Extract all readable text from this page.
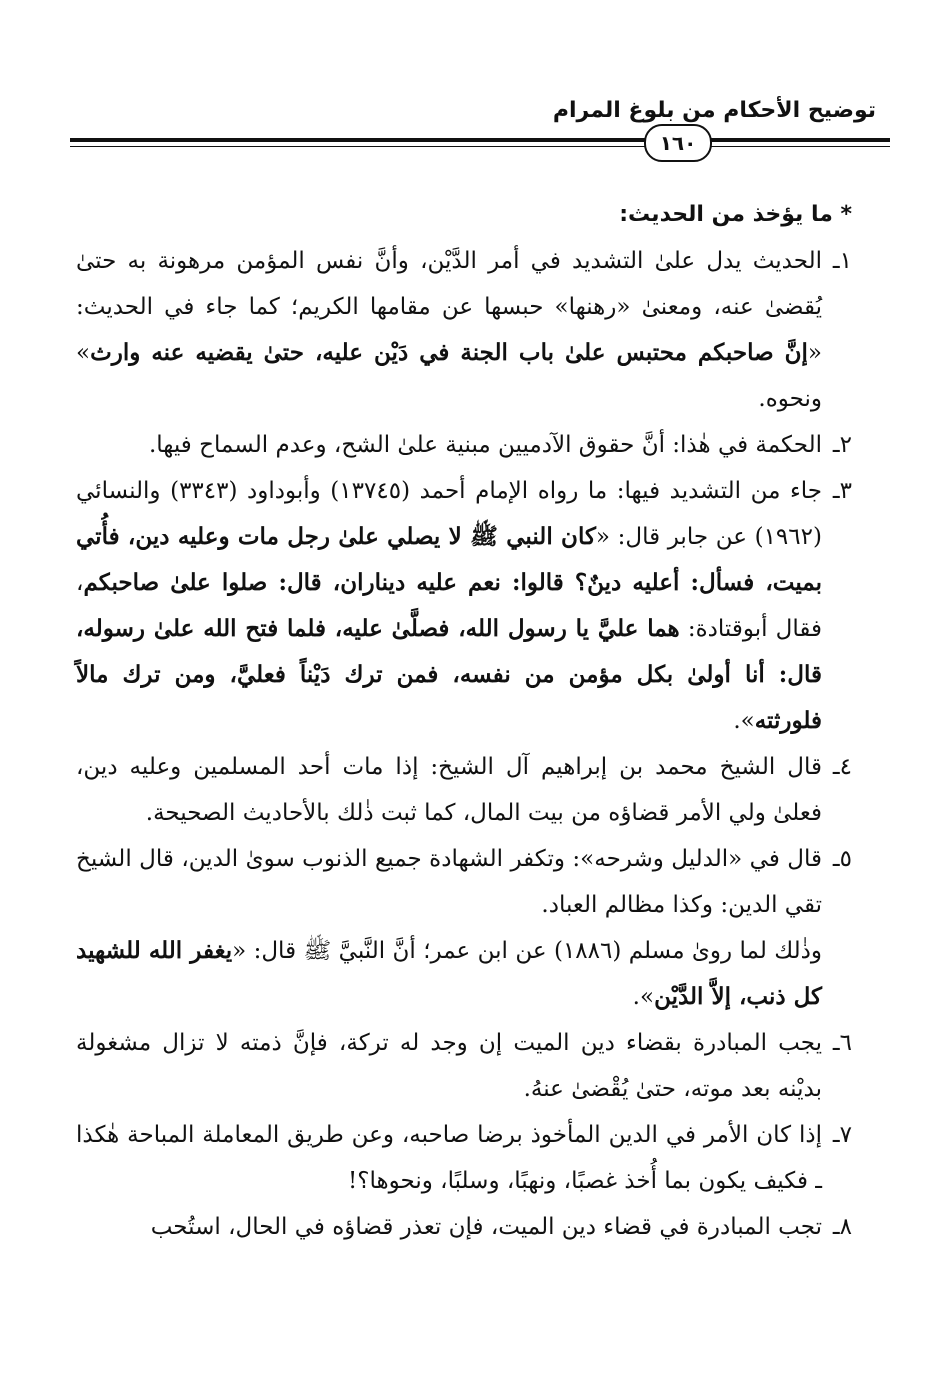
توضيح الأحكام من بلوغ المرام
١٦٠
* ما يؤخذ من الحديث:
١ـ
الحديث يدل علىٰ التشديد في أمر الدَّيْن، وأنَّ نفس المؤمن مرهونة به حتىٰ يُقضىٰ عنه، ومعنىٰ «رهنها» حبسها عن مقامها الكريم؛ كما جاء في الحديث: «إنَّ صاحبكم محتبس علىٰ باب الجنة في دَيْن عليه، حتىٰ يقضيه عنه وارث» ونحوه.
٢ـ
الحكمة في هٰذا: أنَّ حقوق الآدميين مبنية علىٰ الشح، وعدم السماح فيها.
٣ـ
جاء من التشديد فيها: ما رواه الإمام أحمد (١٣٧٤٥) وأبوداود (٣٣٤٣) والنسائي (١٩٦٢) عن جابر قال: «كان النبي ﷺ لا يصلي علىٰ رجل مات وعليه دين، فأُتي بميت، فسأل: أعليه دينٌ؟ قالوا: نعم عليه ديناران، قال: صلوا علىٰ صاحبكم، فقال أبوقتادة: هما عليَّ يا رسول الله، فصلَّىٰ عليه، فلما فتح الله علىٰ رسوله، قال: أنا أولىٰ بكل مؤمن من نفسه، فمن ترك دَيْناً فعليَّ، ومن ترك مالاً فلورثته».
٤ـ
قال الشيخ محمد بن إبراهيم آل الشيخ: إذا مات أحد المسلمين وعليه دين، فعلىٰ ولي الأمر قضاؤه من بيت المال، كما ثبت ذٰلك بالأحاديث الصحيحة.
٥ـ
قال في «الدليل وشرحه»: وتكفر الشهادة جميع الذنوب سوىٰ الدين، قال الشيخ تقي الدين: وكذا مظالم العباد.
وذٰلك لما روىٰ مسلم (١٨٨٦) عن ابن عمر؛ أنَّ النَّبيَّ ﷺ قال: «يغفر الله للشهيد كل ذنب، إلاَّ الدَّيْن».
٦ـ
يجب المبادرة بقضاء دين الميت إن وجد له تركة، فإنَّ ذمته لا تزال مشغولة بديْنه بعد موته، حتىٰ يُقْضىٰ عنهُ.
٧ـ
إذا كان الأمر في الدين المأخوذ برضا صاحبه، وعن طريق المعاملة المباحة هٰكذا ـ فكيف يكون بما أُخذ غصبًا، ونهبًا، وسلبًا، ونحوها؟!
٨ـ
تجب المبادرة في قضاء دين الميت، فإن تعذر قضاؤه في الحال، استُحب
